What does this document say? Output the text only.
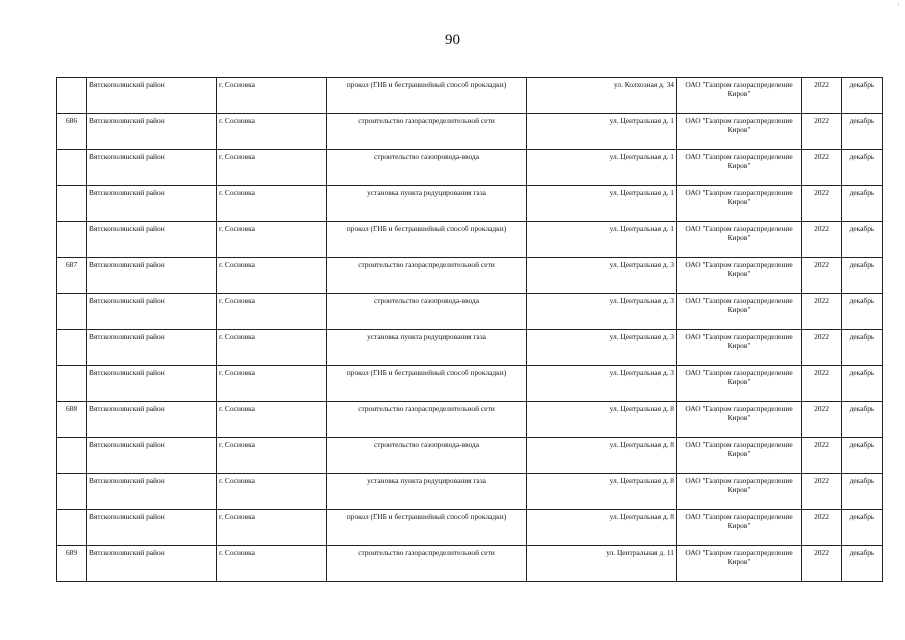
90
ʼ
	Вятскополянский район	г. Сосновка	прокол (ГНБ и бестраншейный способ прокладки)	ул. Колхозная д. 34	ОАО "Газпром газораспределение Киров"	2022	декабрь
686	Вятскополянский район	г. Сосновка	строительство газораспределительной сети	ул. Центральная д. 1	ОАО "Газпром газораспределение Киров"	2022	декабрь
	Вятскополянский район	г. Сосновка	строительство газопровода-ввода	ул. Центральная д. 1	ОАО "Газпром газораспределение Киров"	2022	декабрь
	Вятскополянский район	г. Сосновка	установка пункта редуцирования газа	ул. Центральная д. 1	ОАО "Газпром газораспределение Киров"	2022	декабрь
	Вятскополянский район	г. Сосновка	прокол (ГНБ и бестраншейный способ прокладки)	ул. Центральная д. 1	ОАО "Газпром газораспределение Киров"	2022	декабрь
687	Вятскополянский район	г. Сосновка	строительство газораспределительной сети	ул. Центральная д. 3	ОАО "Газпром газораспределение Киров"	2022	декабрь
	Вятскополянский район	г. Сосновка	строительство газопровода-ввода	ул. Центральная д. 3	ОАО "Газпром газораспределение Киров"	2022	декабрь
	Вятскополянский район	г. Сосновка	установка пункта редуцирования газа	ул. Центральная д. 3	ОАО "Газпром газораспределение Киров"	2022	декабрь
	Вятскополянский район	г. Сосновка	прокол (ГНБ и бестраншейный способ прокладки)	ул. Центральная д. 3	ОАО "Газпром газораспределение Киров"	2022	декабрь
688	Вятскополянский район	г. Сосновка	строительство газораспределительной сети	ул. Центральная д. 8	ОАО "Газпром газораспределение Киров"	2022	декабрь
	Вятскополянский район	г. Сосновка	строительство газопровода-ввода	ул. Центральная д. 8	ОАО "Газпром газораспределение Киров"	2022	декабрь
	Вятскополянский район	г. Сосновка	установка пункта редуцирования газа	ул. Центральная д. 8	ОАО "Газпром газораспределение Киров"	2022	декабрь
	Вятскополянский район	г. Сосновка	прокол (ГНБ и бестраншейный способ прокладки)	ул. Центральная д. 8	ОАО "Газпром газораспределение Киров"	2022	декабрь
689	Вятскополянский район	г. Сосновка	строительство газораспределительной сети	ул. Центральная д. 11	ОАО "Газпром газораспределение Киров"	2022	декабрь
